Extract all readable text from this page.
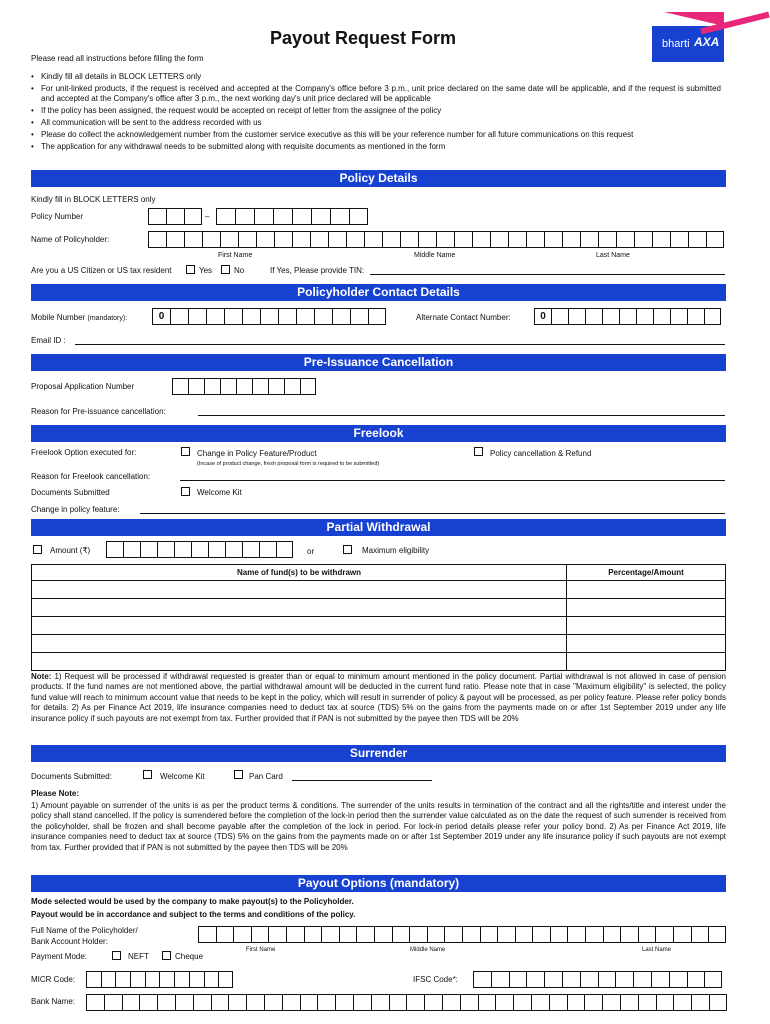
Payout Request Form	bharti AXA
Please read all instructions before filling the form
• Kindly fill all details in BLOCK LETTERS only
• For unit-linked products, if the request is received and accepted at the Company's office before 3 p.m., unit price declared on the same date will be applicable, and if the request is submitted and accepted at the Company's office after 3 p.m., the next working day's unit price declared will be applicable
• If the policy has been assigned, the request would be accepted on receipt of letter from the assignee of the policy
• All communication will be sent to the address recorded with us
• Please do collect the acknowledgement number from the customer service executive as this will be your reference number for all future communications on this request
• The application for any withdrawal needs to be submitted along with requisite documents as mentioned in the form
Policy Details
Kindly fill in BLOCK LETTERS only
Policy Number	–
Name of Policyholder:
First Name	Middle Name	Last Name
Are you a US Citizen or US tax resident	Yes	No	If Yes, Please provide TIN:
Policyholder Contact Details
Mobile Number (mandatory):	0	Alternate Contact Number:	0
Email ID :
Pre-Issuance Cancellation
Proposal Application Number
Reason for Pre-issuance cancellation:
Freelook
Freelook Option executed for:	Change in Policy Feature/Product
(Incase of product change, fresh proposal form is required to be submitted)
Policy cancellation & Refund
Reason for Freelook cancellation:
Documents Submitted	Welcome Kit
Change in policy feature:
Partial Withdrawal
Amount (₹)	or	Maximum eligibility
Name of fund(s) to be withdrawn	Percentage/Amount

Note: 1) Request will be processed if withdrawal requested is greater than or equal to minimum amount mentioned in the policy document. Partial withdrawal is not allowed in case of pension products. If the fund names are not mentioned above, the partial withdrawal amount will be deducted in the current fund ratio. Please note that in case "Maximum eligibility" is selected, the policy fund value will reach to minimum account value that needs to be kept in the policy, which will result in surrender of policy & payout will be processed, as per policy feature. Please refer policy bonds for details. 2) As per Finance Act 2019, life insurance companies need to deduct tax at source (TDS) 5% on the gains from the payments made on or after 1st September 2019 under any life insurance policy if such payouts are not exempt from tax. Further provided that if PAN is not submitted by the payee then TDS will be 20%
Surrender
Documents Submitted:	Welcome Kit	Pan Card
Please Note:
1) Amount payable on surrender of the units is as per the product terms & conditions. The surrender of the units results in termination of the contract and all the rights/title and interest under the policy shall stand cancelled. If the policy is surrendered before the completion of the lock-in period then the surrender value calculated as on the date the request of such surrender is received from the policyholder, shall be frozen and shall become payable after the completion of the lock in period. For lock-in period details please refer your policy bond. 2) As per Finance Act 2019, life insurance companies need to deduct tax at source (TDS) 5% on the gains from the payments made on or after 1st September 2019 under any life insurance policy if such payouts are not exempt from tax. Further provided that if PAN is not submitted by the payee then TDS will be 20%
Payout Options (mandatory)
Mode selected would be used by the company to make payout(s) to the Policyholder.
Payout would be in accordance and subject to the terms and conditions of the policy.
Full Name of the Policyholder/
Bank Account Holder:
First Name	Middle Name	Last Name
Payment Mode:	NEFT	Cheque
MICR Code:	IFSC Code*:
Bank Name:
